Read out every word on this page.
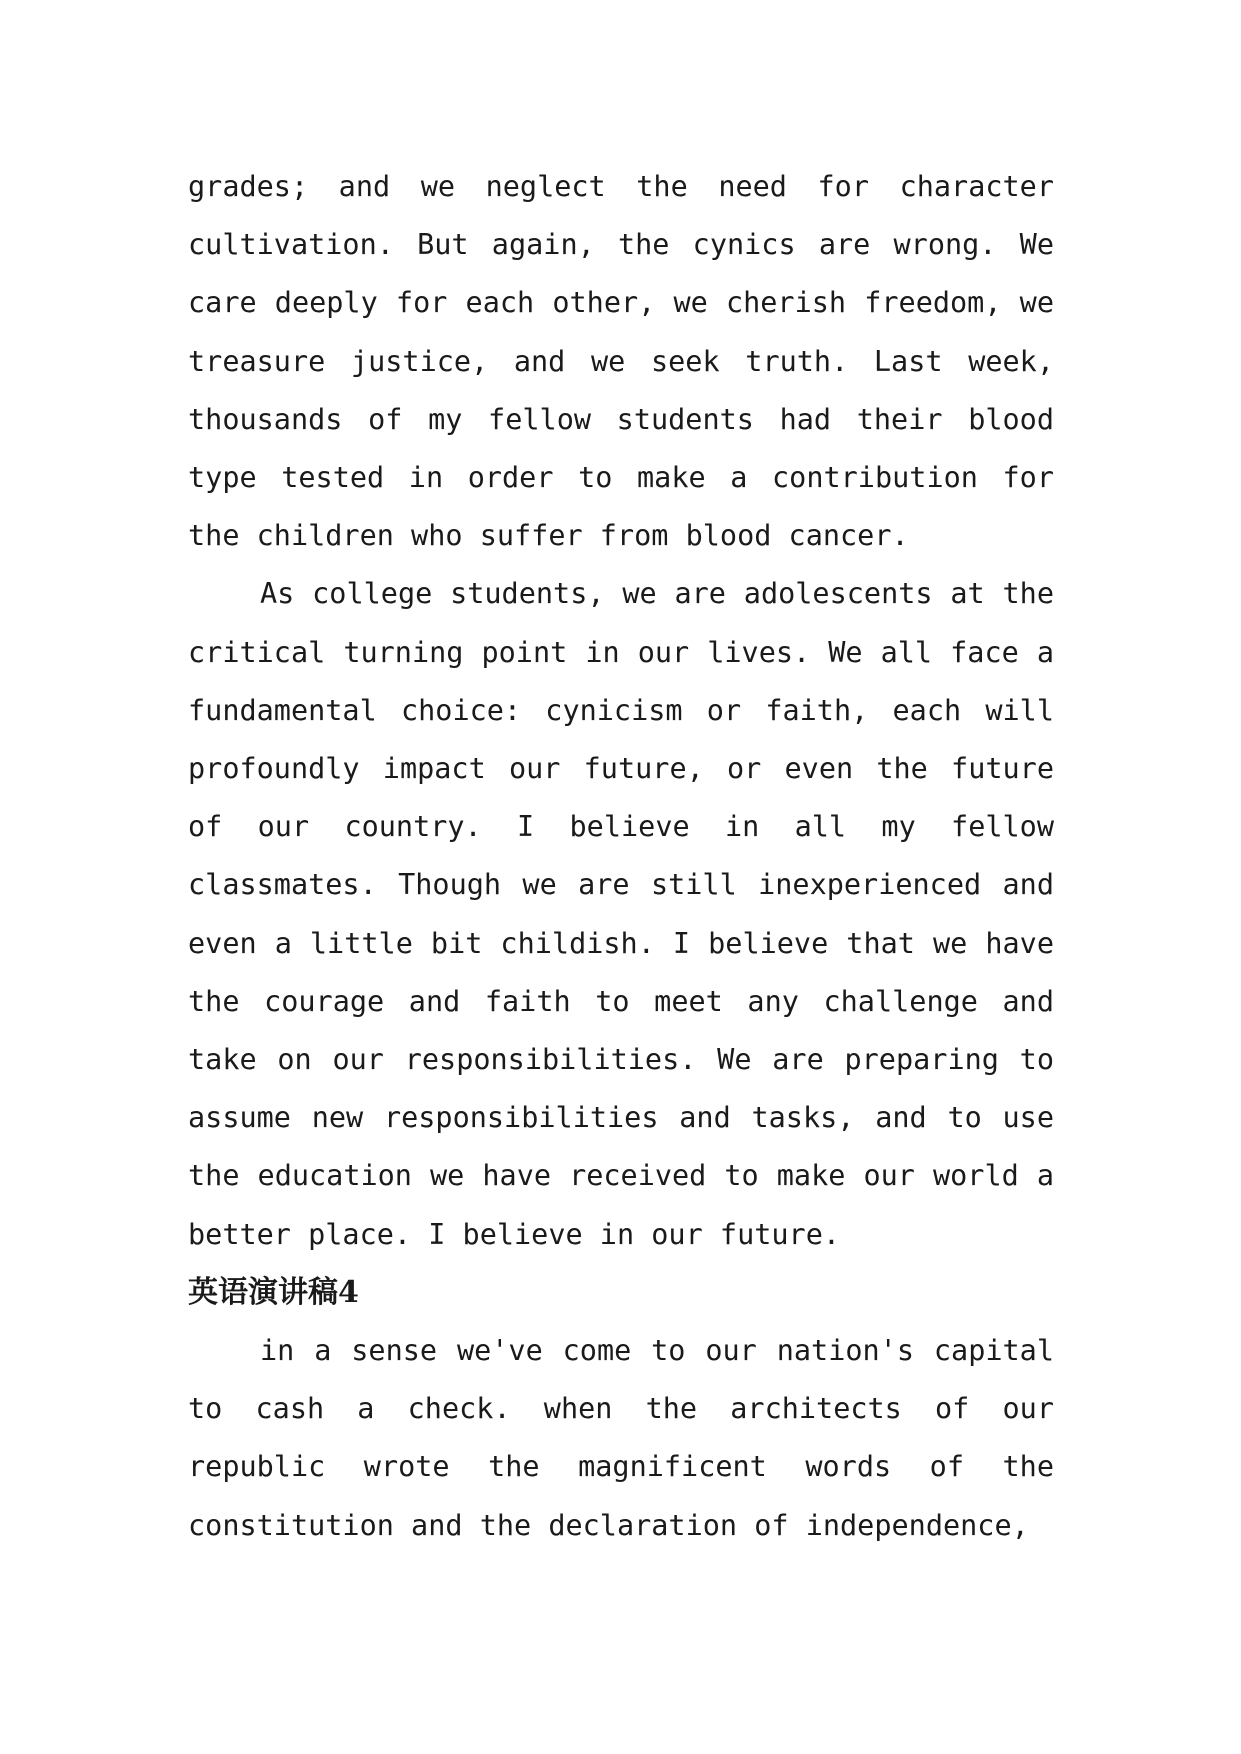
grades; and we neglect the need for character cultivation. But again, the cynics are wrong. We care deeply for each other, we cherish freedom, we treasure justice, and we seek truth. Last week, thousands of my fellow students had their blood type tested in order to make a contribution for the children who suffer from blood cancer.

As college students, we are adolescents at the critical turning point in our lives. We all face a fundamental choice: cynicism or faith, each will profoundly impact our future, or even the future of our country. I believe in all my fellow classmates. Though we are still inexperienced and even a little bit childish. I believe that we have the courage and faith to meet any challenge and take on our responsibilities. We are preparing to assume new responsibilities and tasks, and to use the education we have received to make our world a better place. I believe in our future.

英语演讲稿4

in a sense we've come to our nation's capital to cash a check. when the architects of our republic wrote the magnificent words of the constitution and the declaration of independence,
